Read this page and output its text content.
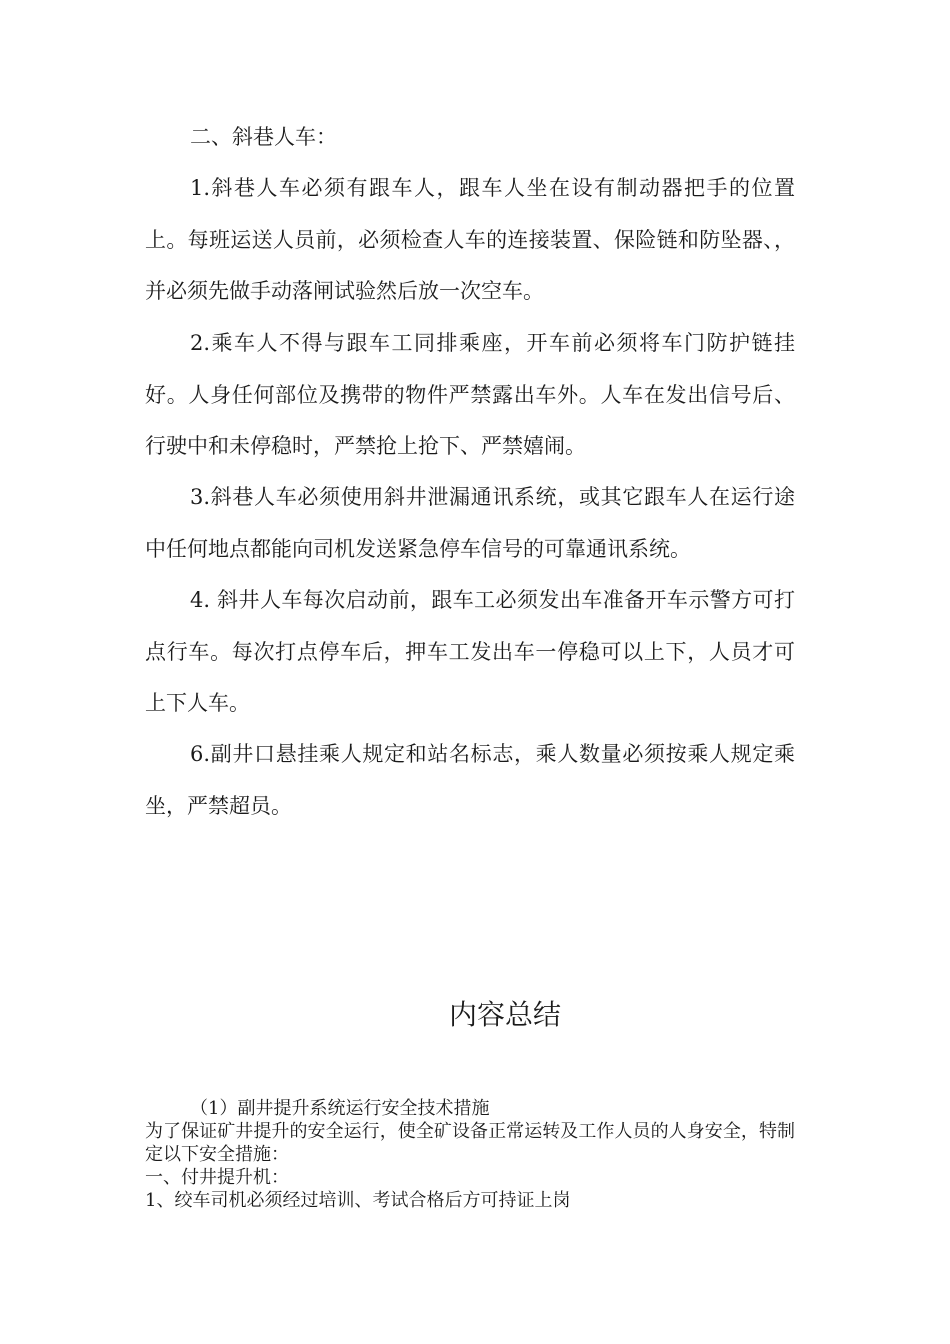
二、斜巷人车：

1.斜巷人车必须有跟车人，跟车人坐在设有制动器把手的位置上。每班运送人员前，必须检查人车的连接装置、保险链和防坠器、，并必须先做手动落闸试验然后放一次空车。

2.乘车人不得与跟车工同排乘座，开车前必须将车门防护链挂好。人身任何部位及携带的物件严禁露出车外。人车在发出信号后、行驶中和未停稳时，严禁抢上抢下、严禁嬉闹。

3.斜巷人车必须使用斜井泄漏通讯系统，或其它跟车人在运行途中任何地点都能向司机发送紧急停车信号的可靠通讯系统。

4. 斜井人车每次启动前，跟车工必须发出车准备开车示警方可打点行车。每次打点停车后，押车工发出车一停稳可以上下，人员才可上下人车。

6.副井口悬挂乘人规定和站名标志，乘人数量必须按乘人规定乘坐，严禁超员。

内容总结
（1）副井提升系统运行安全技术措施
为了保证矿井提升的安全运行，使全矿设备正常运转及工作人员的人身安全，特制定以下安全措施：
一、付井提升机：
1、绞车司机必须经过培训、考试合格后方可持证上岗
